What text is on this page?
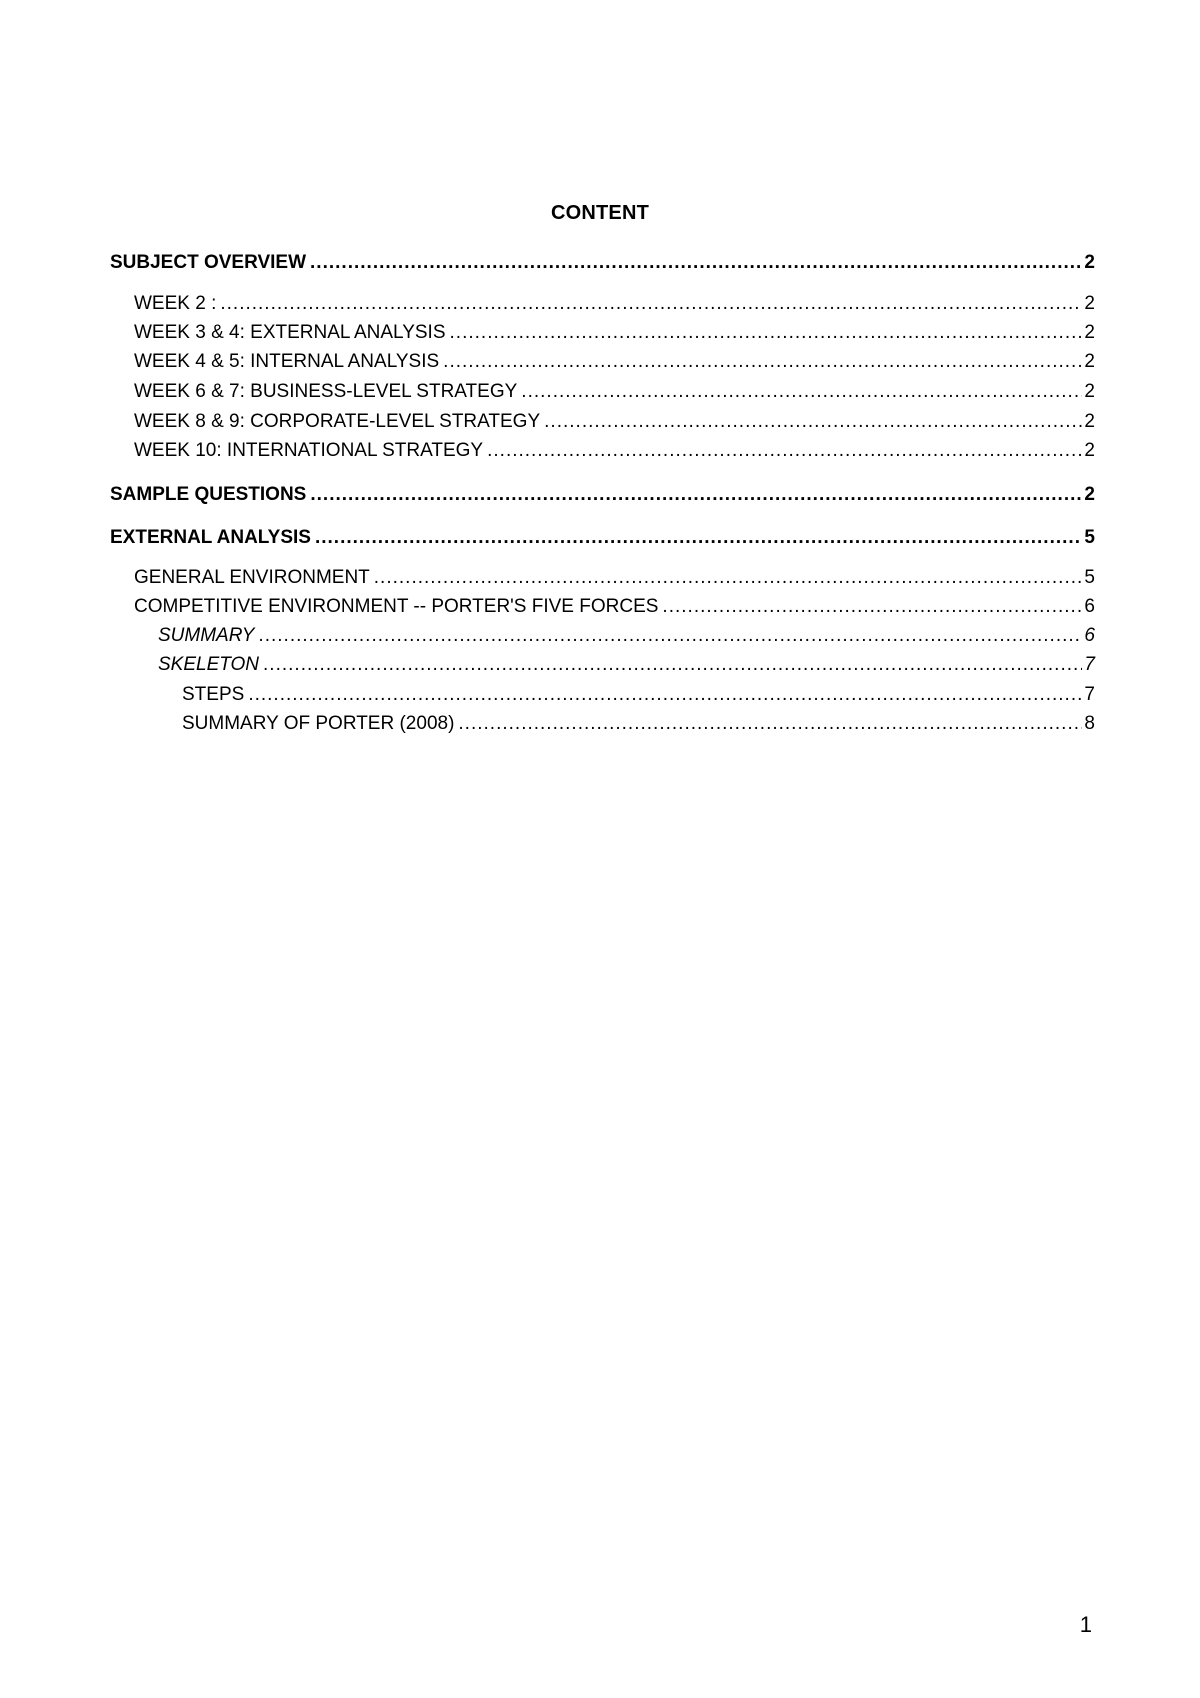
CONTENT
SUBJECT OVERVIEW .....	2
WEEK 2 : .....	2
WEEK 3 & 4: EXTERNAL ANALYSIS .....	2
WEEK 4 & 5: INTERNAL ANALYSIS .....	2
WEEK 6 & 7: BUSINESS-LEVEL STRATEGY .....	2
WEEK 8 & 9: CORPORATE-LEVEL STRATEGY .....	2
WEEK 10: INTERNATIONAL STRATEGY .....	2
SAMPLE QUESTIONS .....	2
EXTERNAL ANALYSIS .....	5
GENERAL ENVIRONMENT .....	5
COMPETITIVE ENVIRONMENT -- PORTER'S FIVE FORCES .....	6
SUMMARY .....	6
SKELETON .....	7
STEPS .....	7
SUMMARY OF PORTER (2008) .....	8
1
